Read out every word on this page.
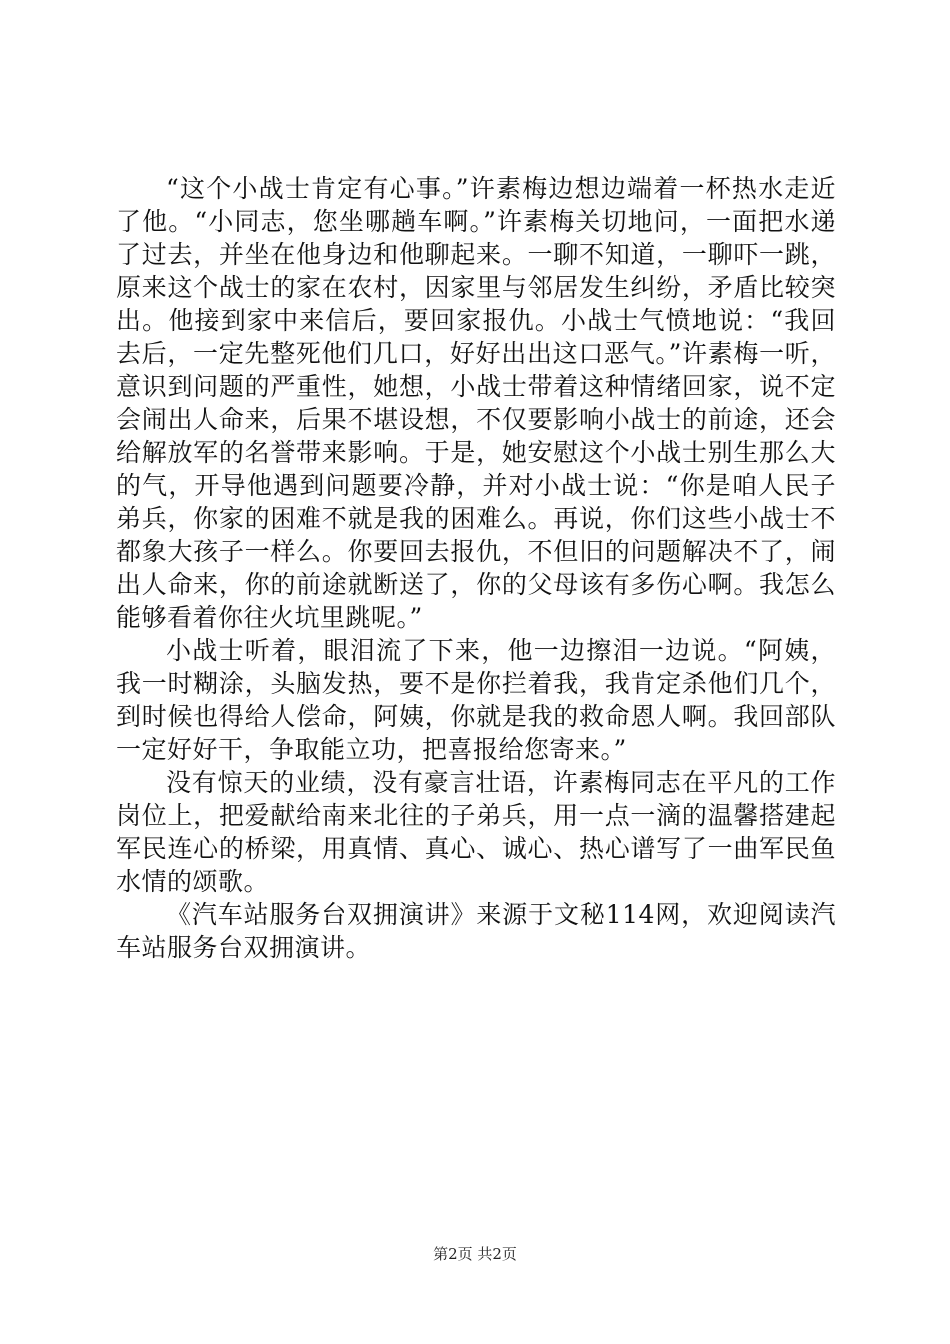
“这个小战士肯定有心事。”许素梅边想边端着一杯热水走近了他。“小同志，您坐哪趟车啊。”许素梅关切地问，一面把水递了过去，并坐在他身边和他聊起来。一聊不知道，一聊吓一跳，原来这个战士的家在农村，因家里与邻居发生纠纷，矛盾比较突出。他接到家中来信后，要回家报仇。小战士气愤地说：“我回去后，一定先整死他们几口，好好出出这口恶气。”许素梅一听，意识到问题的严重性，她想，小战士带着这种情绪回家，说不定会闹出人命来，后果不堪设想，不仅要影响小战士的前途，还会给解放军的名誉带来影响。于是，她安慰这个小战士别生那么大的气，开导他遇到问题要冷静，并对小战士说：“你是咱人民子弟兵，你家的困难不就是我的困难么。再说，你们这些小战士不都象大孩子一样么。你要回去报仇，不但旧的问题解决不了，闹出人命来，你的前途就断送了，你的父母该有多伤心啊。我怎么能够看着你往火坑里跳呢。”

小战士听着，眼泪流了下来，他一边擦泪一边说。“阿姨，我一时糊涂，头脑发热，要不是你拦着我，我肯定杀他们几个，到时候也得给人偿命，阿姨，你就是我的救命恩人啊。我回部队一定好好干，争取能立功，把喜报给您寄来。”

没有惊天的业绩，没有豪言壮语，许素梅同志在平凡的工作岗位上，把爱献给南来北往的子弟兵，用一点一滴的温馨搭建起军民连心的桥梁，用真情、真心、诚心、热心谱写了一曲军民鱼水情的颂歌。

《汽车站服务台双拥演讲》来源于文秘114网，欢迎阅读汽车站服务台双拥演讲。

第2页 共2页
